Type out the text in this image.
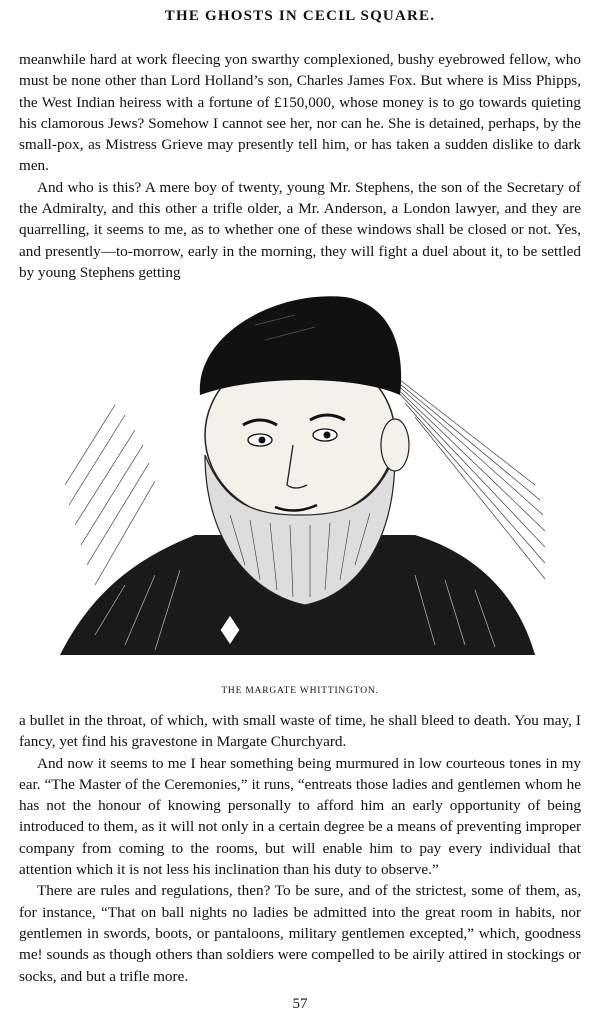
THE GHOSTS IN CECIL SQUARE.

meanwhile hard at work fleecing yon swarthy complexioned, bushy eyebrowed fellow, who must be none other than Lord Holland’s son, Charles James Fox. But where is Miss Phipps, the West Indian heiress with a fortune of £150,000, whose money is to go towards quieting his clamorous Jews? Somehow I cannot see her, nor can he. She is detained, perhaps, by the small-pox, as Mistress Grieve may presently tell him, or has taken a sudden dislike to dark men.

And who is this? A mere boy of twenty, young Mr. Stephens, the son of the Secretary of the Admiralty, and this other a trifle older, a Mr. Anderson, a London lawyer, and they are quarrelling, it seems to me, as to whether one of these windows shall be closed or not. Yes, and presently—to-morrow, early in the morning, they will fight a duel about it, to be settled by young Stephens getting

THE MARGATE WHITTINGTON.

a bullet in the throat, of which, with small waste of time, he shall bleed to death. You may, I fancy, yet find his gravestone in Margate Churchyard.

And now it seems to me I hear something being murmured in low courteous tones in my ear. “The Master of the Ceremonies,” it runs, “entreats those ladies and gentlemen whom he has not the honour of knowing personally to afford him an early opportunity of being introduced to them, as it will not only in a certain degree be a means of preventing improper company from coming to the rooms, but will enable him to pay every individual that attention which it is not less his inclination than his duty to observe.”

There are rules and regulations, then? To be sure, and of the strictest, some of them, as, for instance, “That on ball nights no ladies be admitted into the great room in habits, nor gentlemen in swords, boots, or pantaloons, military gentlemen excepted,” which, goodness me! sounds as though others than soldiers were compelled to be airily attired in stockings or socks, and but a trifle more.

57
